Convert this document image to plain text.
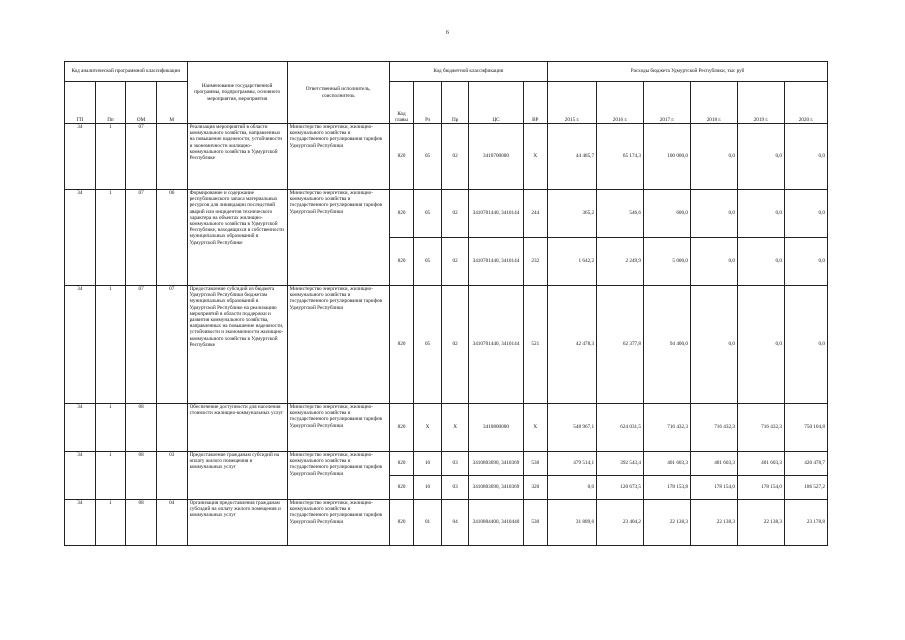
6
Код аналитической программной классификации				Наименование государственной программы, подпрограммы, основного мероприятия, мероприятия	Ответственный исполнитель, соисполнитель	Код бюджетной классификации					Расходы бюджета Удмуртской Республики, тыс руб					
ГП	Пп	ОМ	М			Код главы	Рз	Пр	ЦС	ВР	2015 г.	2016 г.	2017 г.	2018 г.	2019 г.	2020 г.
34	1	07		Реализация мероприятий в области коммунального хозяйства, направленных на повышение надежности, устойчивости и экономичности жилищно-коммунального хозяйства в Удмуртской Республике	Министерство энергетики, жилищно-коммунального хозяйства и государственного регулирования тарифов Удмуртской Республики	820	05	02	3410700000	Х	44 485,7	65 174,3	100 000,0	0,0	0,0	0,0
34	1	07	06	Формирование и содержание республиканского запаса материальных ресурсов для ликвидации последствий аварий или инцидентов технического характера на объектах жилищно-коммунального хозяйства в Удмуртской Республике, находящихся в собственности муниципальных образований в Удмуртской Республике	Министерство энергетики, жилищно-коммунального хозяйства и государственного регулирования тарифов Удмуртской Республики	820	05	02	3410701440, 3410144	244	365,2	546,6	600,0	0,0	0,0	0,0
						820	05	02	3410701440, 3410144	232	1 642,2	2 249,9	5 000,0	0,0	0,0	0,0
34	1	07	07	Предоставление субсидий из бюджета Удмуртской Республики бюджетам муниципальных образований в Удмуртской Республике на реализацию мероприятий в области поддержки и развития коммунального хозяйства, направленных на повышение надежности, устойчивости и экономичности жилищно-коммунального хозяйства в Удмуртской Республике	Министерство энергетики, жилищно-коммунального хозяйства и государственного регулирования тарифов Удмуртской Республики	820	05	02	3410701440, 3410144	521	42 478,3	62 377,8	94 400,0	0,0	0,0	0,0
34	1	08		Обеспечение доступности для населения стоимости жилищно-коммунальных услуг	Министерство энергетики, жилищно-коммунального хозяйства и государственного регулирования тарифов Удмуртской Республики	820	Х	Х	3410800000	Х	548 967,1	624 031,5	716 432,3	716 432,3	716 432,3	750 104,8
34	1	08	03	Предоставление гражданам субсидий на оплату жилого помещения и коммунальных услуг	Министерство энергетики, жилищно-коммунального хозяйства и государственного регулирования тарифов Удмуртской Республики	820	10	03	3410803690, 3410369	530	479 514,1	392 543,4	401 603,3	401 603,3	401 603,3	420 478,7
						820	10	03	3410803690, 3410369	320	0,0	120 673,5	178 153,8	178 154,0	178 154,0	186 527,2
34	1	08	04	Организация предоставления гражданам субсидий на оплату жилого помещения и коммунальных услуг	Министерство энергетики, жилищно-коммунального хозяйства и государственного регулирования тарифов Удмуртской Республики	820	01	04	3410804400, 3410440	530	31 889,6	23 404,2	22 138,3	22 138,3	22 138,3	23 178,8
